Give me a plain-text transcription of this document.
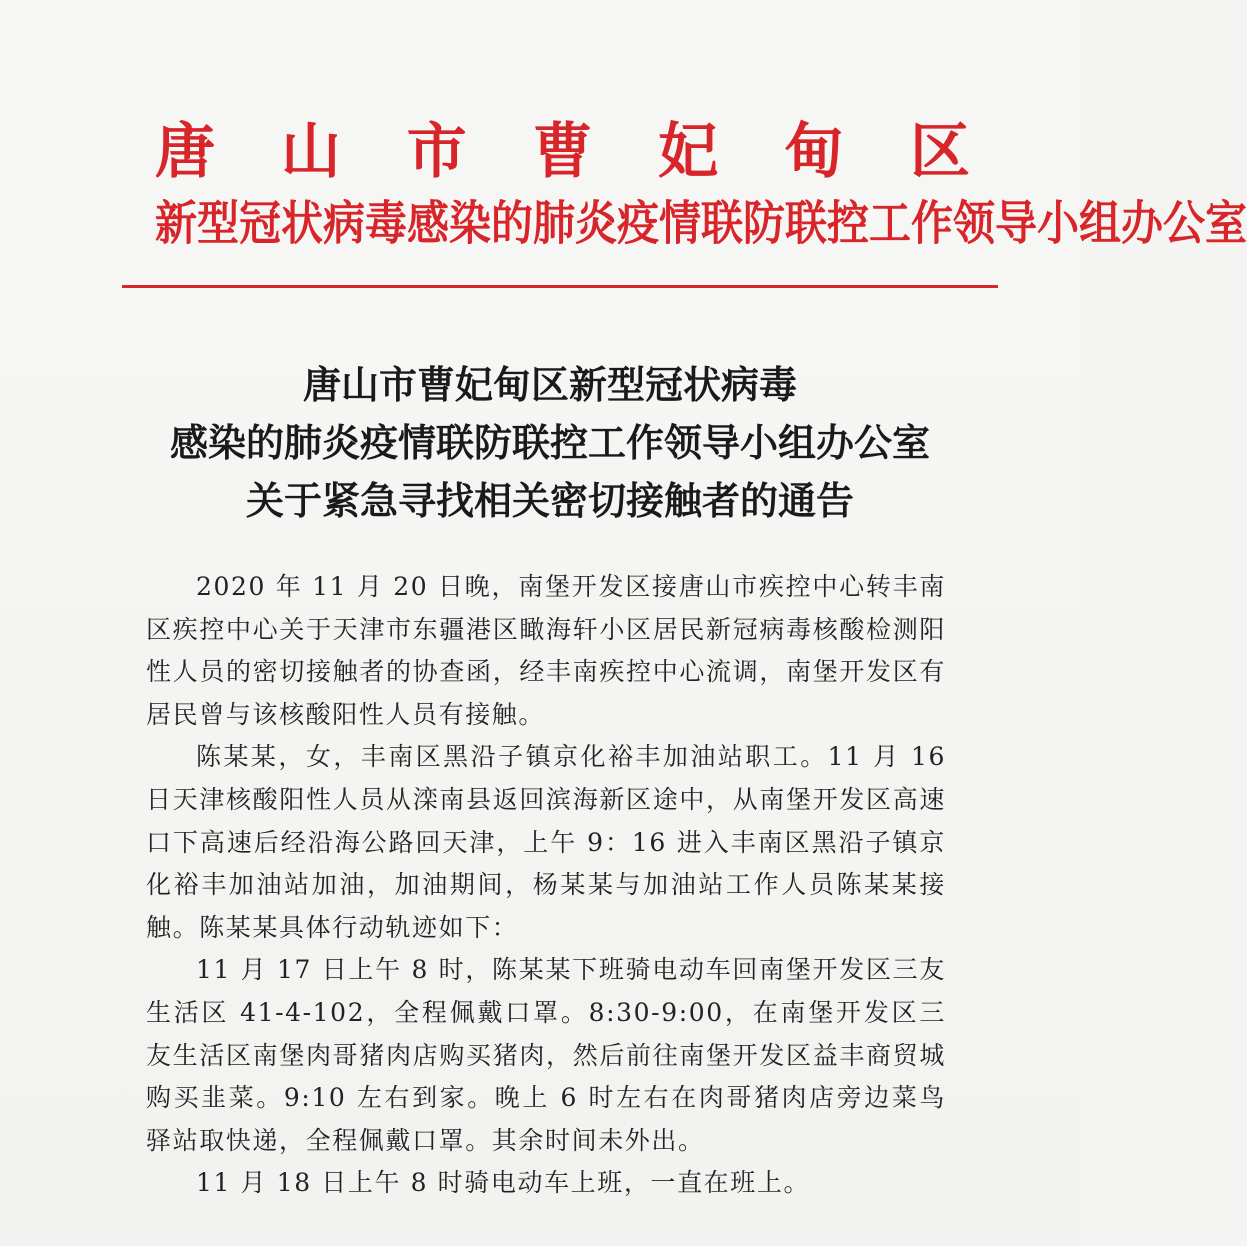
唐 山 市 曹 妃 甸 区
新型冠状病毒感染的肺炎疫情联防联控工作领导小组办公室
唐山市曹妃甸区新型冠状病毒
感染的肺炎疫情联防联控工作领导小组办公室
关于紧急寻找相关密切接触者的通告

2020 年 11 月 20 日晚，南堡开发区接唐山市疾控中心转丰南区疾控中心关于天津市东疆港区瞰海轩小区居民新冠病毒核酸检测阳性人员的密切接触者的协查函，经丰南疾控中心流调，南堡开发区有居民曾与该核酸阳性人员有接触。

陈某某，女，丰南区黑沿子镇京化裕丰加油站职工。11 月 16 日天津核酸阳性人员从滦南县返回滨海新区途中，从南堡开发区高速口下高速后经沿海公路回天津，上午 9：16 进入丰南区黑沿子镇京化裕丰加油站加油，加油期间，杨某某与加油站工作人员陈某某接触。陈某某具体行动轨迹如下：

11 月 17 日上午 8 时，陈某某下班骑电动车回南堡开发区三友生活区 41-4-102，全程佩戴口罩。8:30-9:00，在南堡开发区三友生活区南堡肉哥猪肉店购买猪肉，然后前往南堡开发区益丰商贸城购买韭菜。9:10 左右到家。晚上 6 时左右在肉哥猪肉店旁边菜鸟驿站取快递，全程佩戴口罩。其余时间未外出。

11 月 18 日上午 8 时骑电动车上班，一直在班上。
